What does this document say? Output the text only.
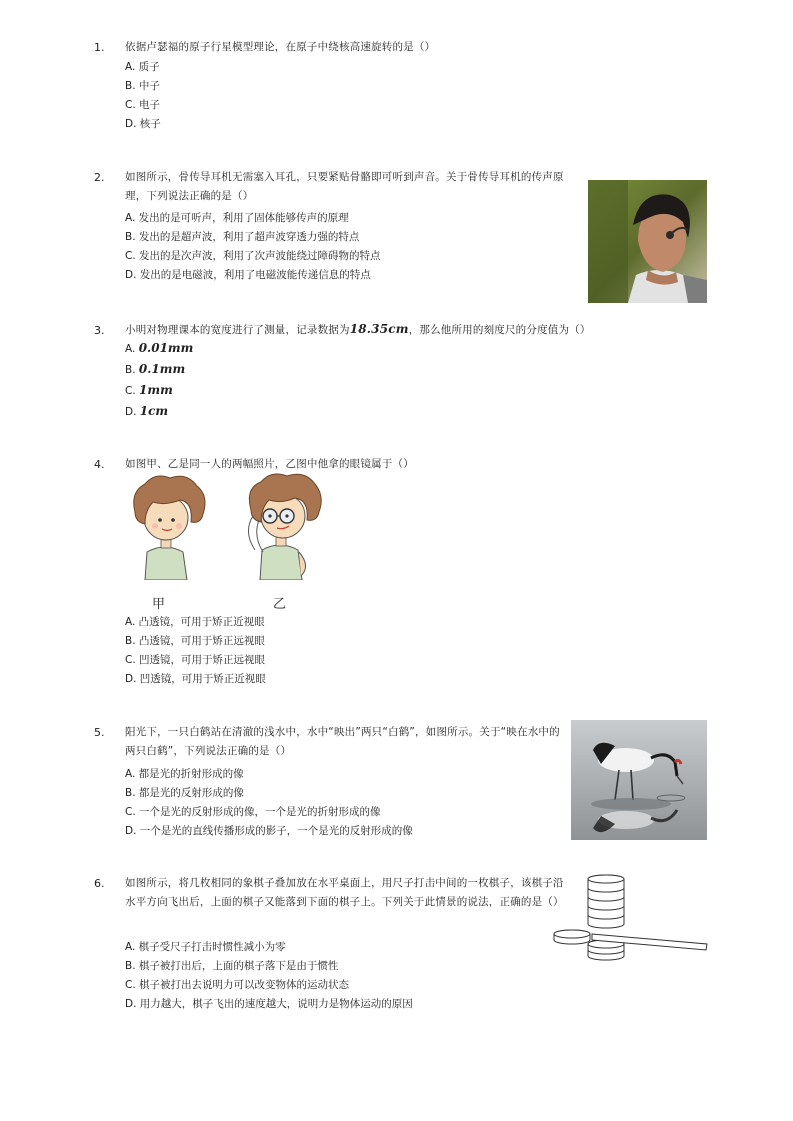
1. 依据卢瑟福的原子行星模型理论，在原子中绕核高速旋转的是（）
A. 质子
B. 中子
C. 电子
D. 核子
2. 如图所示，骨传导耳机无需塞入耳孔，只要紧贴骨骼即可听到声音。关于骨传导耳机的传声原理，下列说法正确的是（）
A. 发出的是可听声，利用了固体能够传声的原理
B. 发出的是超声波，利用了超声波穿透力强的特点
C. 发出的是次声波，利用了次声波能绕过障碍物的特点
D. 发出的是电磁波，利用了电磁波能传递信息的特点
3. 小明对物理课本的宽度进行了测量，记录数据为18.35cm，那么他所用的刻度尺的分度值为（）
A. 0.01mm
B. 0.1mm
C. 1mm
D. 1cm
4. 如图甲、乙是同一人的两幅照片，乙图中他拿的眼镜属于（）
甲	乙
A. 凸透镜，可用于矫正近视眼
B. 凸透镜，可用于矫正远视眼
C. 凹透镜，可用于矫正远视眼
D. 凹透镜，可用于矫正近视眼
5. 阳光下，一只白鹤站在清澈的浅水中，水中“映出”两只“白鹤”，如图所示。关于“映在水中的两只白鹤”，下列说法正确的是（）
A. 都是光的折射形成的像
B. 都是光的反射形成的像
C. 一个是光的反射形成的像，一个是光的折射形成的像
D. 一个是光的直线传播形成的影子，一个是光的反射形成的像
6. 如图所示，将几枚相同的象棋子叠加放在水平桌面上，用尺子打击中间的一枚棋子，该棋子沿水平方向飞出后，上面的棋子又能落到下面的棋子上。下列关于此情景的说法，正确的是（）
A. 棋子受尺子打击时惯性减小为零
B. 棋子被打出后，上面的棋子落下是由于惯性
C. 棋子被打出去说明力可以改变物体的运动状态
D. 用力越大，棋子飞出的速度越大，说明力是物体运动的原因
